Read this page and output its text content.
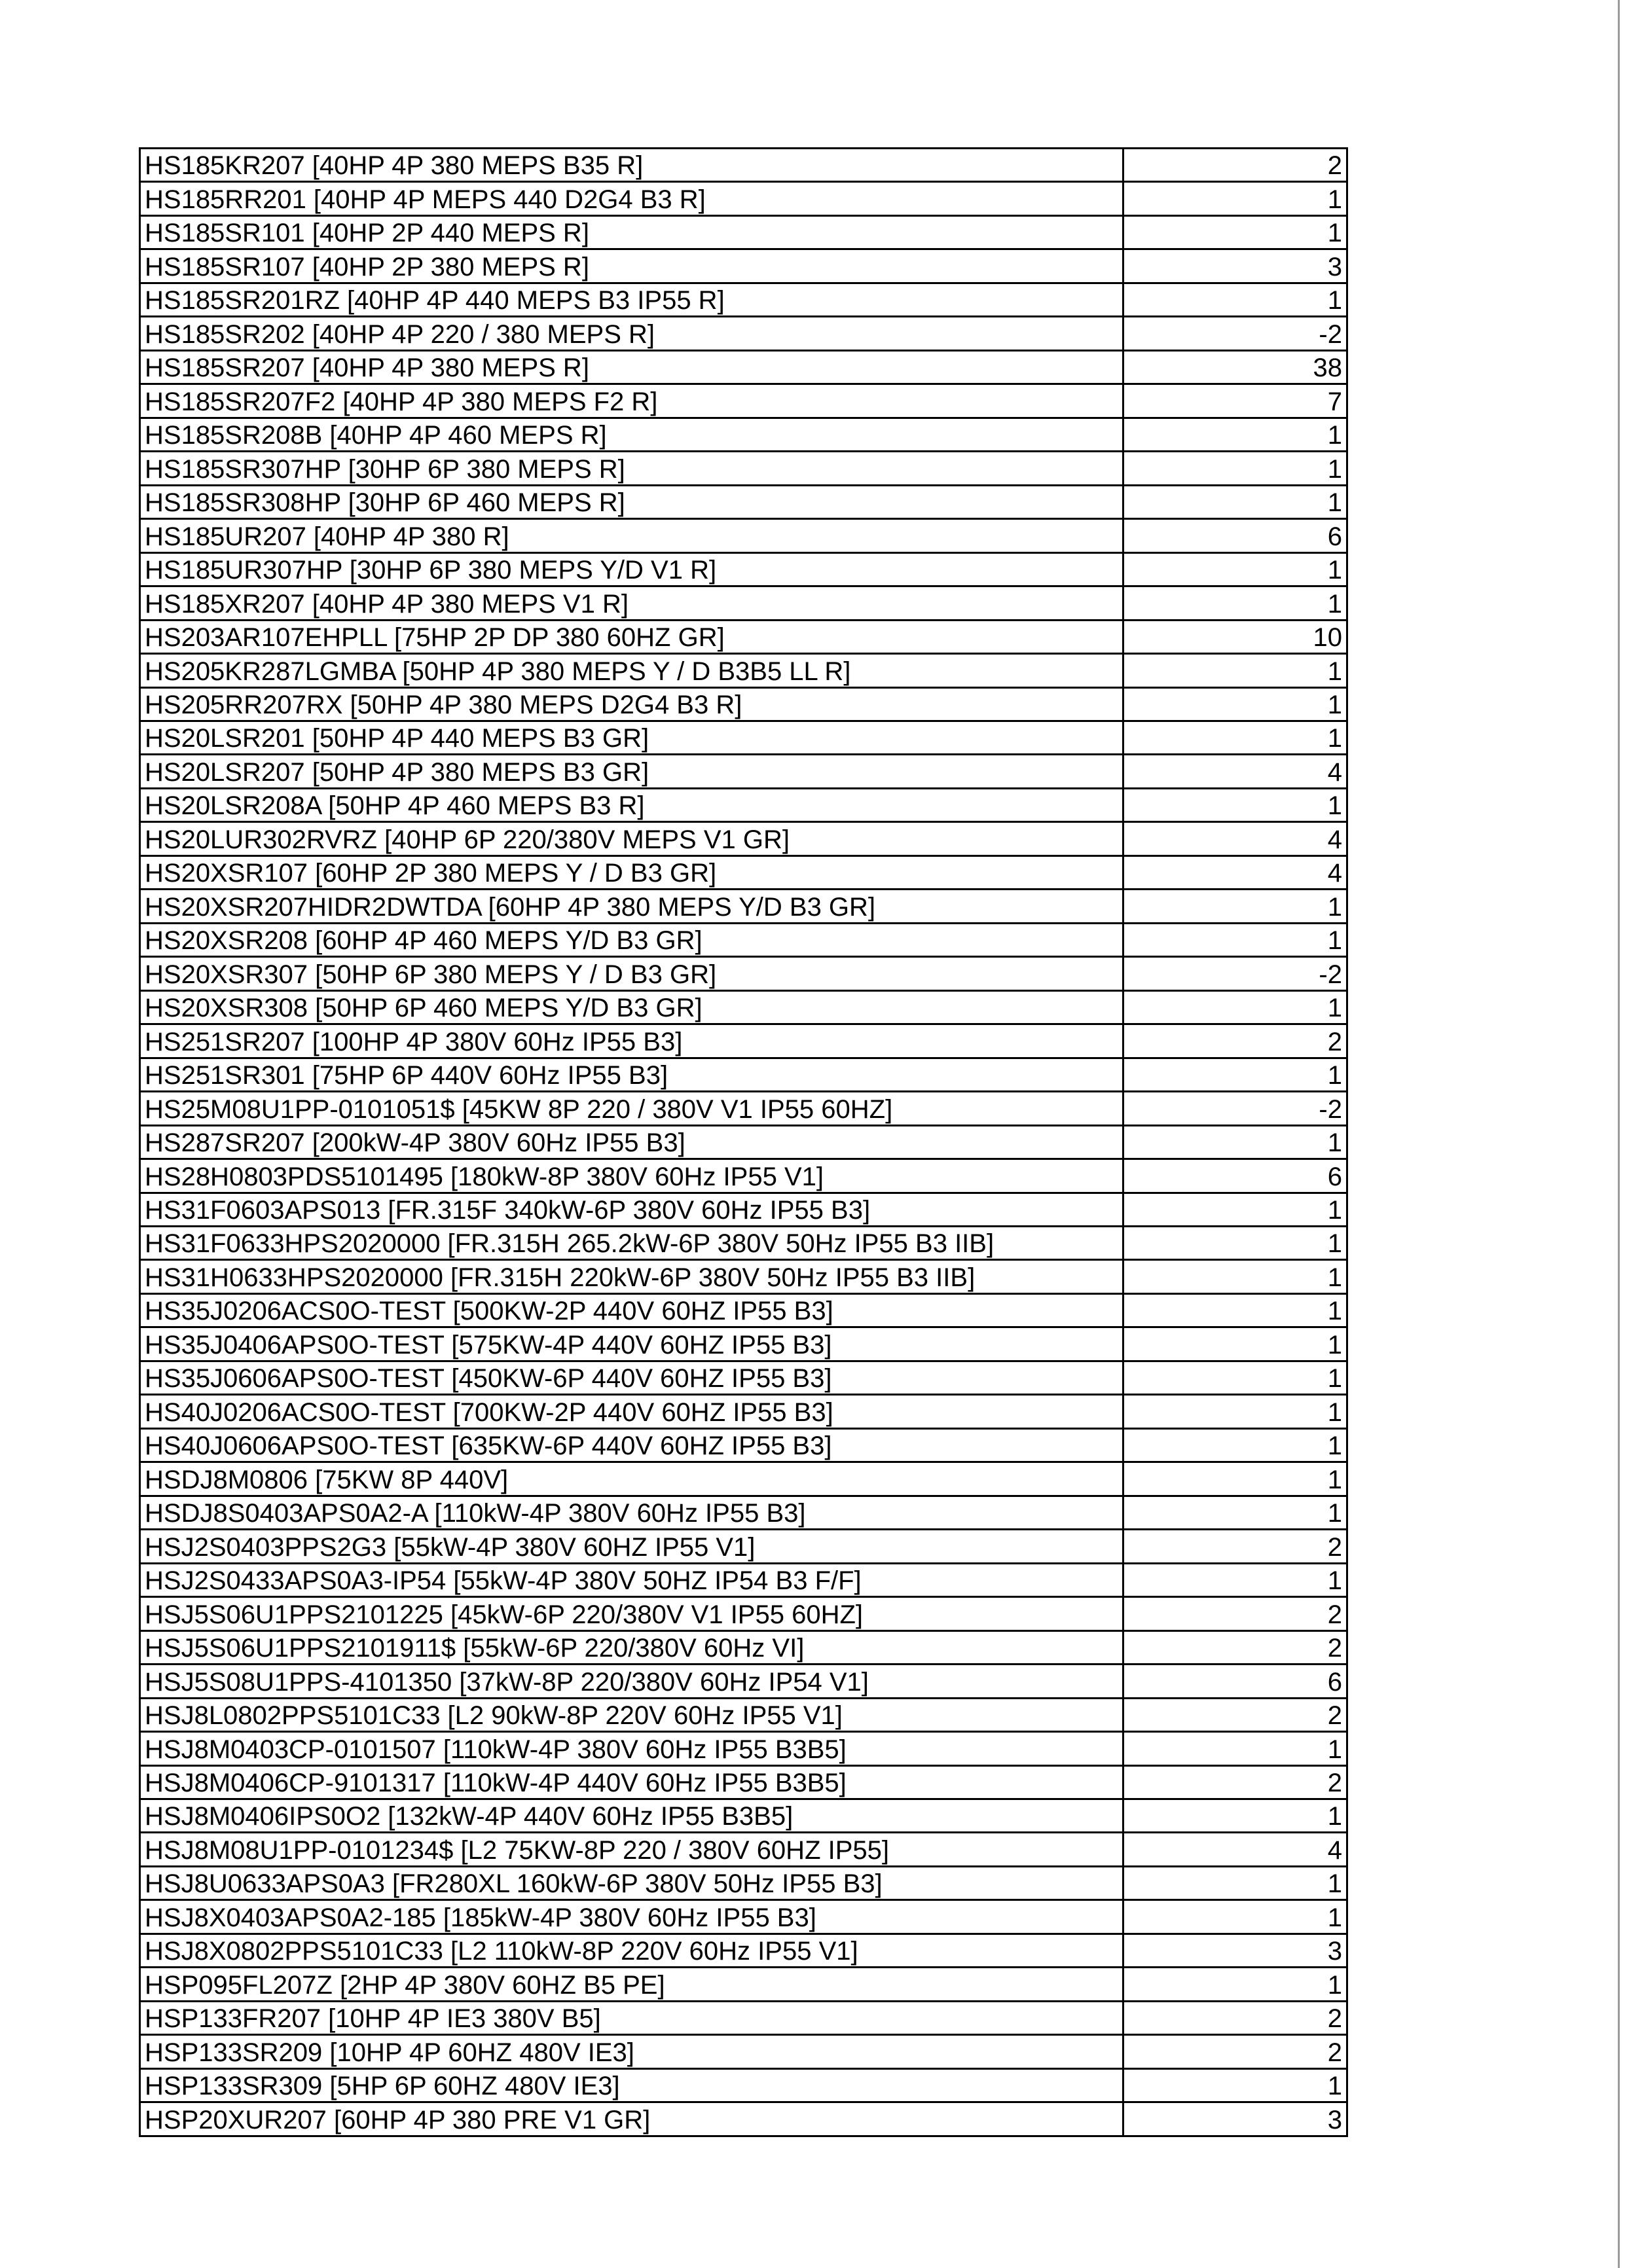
HS185KR207 [40HP 4P 380 MEPS B35 R]	2
HS185RR201 [40HP 4P MEPS 440 D2G4 B3 R]	1
HS185SR101 [40HP 2P 440 MEPS R]	1
HS185SR107 [40HP 2P 380 MEPS R]	3
HS185SR201RZ [40HP 4P 440 MEPS B3 IP55 R]	1
HS185SR202 [40HP 4P 220 / 380 MEPS R]	-2
HS185SR207 [40HP 4P 380 MEPS R]	38
HS185SR207F2 [40HP 4P 380 MEPS F2 R]	7
HS185SR208B [40HP 4P 460 MEPS R]	1
HS185SR307HP [30HP 6P 380 MEPS R]	1
HS185SR308HP [30HP 6P 460 MEPS R]	1
HS185UR207 [40HP 4P 380 R]	6
HS185UR307HP [30HP 6P 380 MEPS Y/D V1 R]	1
HS185XR207 [40HP 4P 380 MEPS V1 R]	1
HS203AR107EHPLL [75HP 2P DP 380 60HZ GR]	10
HS205KR287LGMBA [50HP 4P 380 MEPS Y / D B3B5 LL R]	1
HS205RR207RX [50HP 4P 380 MEPS D2G4 B3 R]	1
HS20LSR201 [50HP 4P 440 MEPS B3 GR]	1
HS20LSR207 [50HP 4P 380 MEPS B3 GR]	4
HS20LSR208A [50HP 4P 460 MEPS B3 R]	1
HS20LUR302RVRZ [40HP 6P 220/380V MEPS V1 GR]	4
HS20XSR107 [60HP 2P 380 MEPS Y / D B3 GR]	4
HS20XSR207HIDR2DWTDA [60HP 4P 380 MEPS Y/D B3 GR]	1
HS20XSR208 [60HP 4P 460 MEPS Y/D B3 GR]	1
HS20XSR307 [50HP 6P 380 MEPS Y / D B3 GR]	-2
HS20XSR308 [50HP 6P 460 MEPS Y/D B3 GR]	1
HS251SR207 [100HP 4P 380V 60Hz IP55 B3]	2
HS251SR301 [75HP 6P 440V 60Hz IP55 B3]	1
HS25M08U1PP-0101051$ [45KW 8P 220 / 380V V1 IP55 60HZ]	-2
HS287SR207 [200kW-4P 380V 60Hz IP55 B3]	1
HS28H0803PDS5101495 [180kW-8P 380V 60Hz IP55 V1]	6
HS31F0603APS013 [FR.315F 340kW-6P 380V 60Hz IP55 B3]	1
HS31F0633HPS2020000 [FR.315H 265.2kW-6P 380V 50Hz IP55 B3 IIB]	1
HS31H0633HPS2020000 [FR.315H 220kW-6P 380V 50Hz IP55 B3 IIB]	1
HS35J0206ACS0O-TEST [500KW-2P 440V 60HZ IP55 B3]	1
HS35J0406APS0O-TEST [575KW-4P 440V 60HZ IP55 B3]	1
HS35J0606APS0O-TEST [450KW-6P 440V 60HZ IP55 B3]	1
HS40J0206ACS0O-TEST [700KW-2P 440V 60HZ IP55 B3]	1
HS40J0606APS0O-TEST [635KW-6P 440V 60HZ IP55 B3]	1
HSDJ8M0806 [75KW 8P 440V]	1
HSDJ8S0403APS0A2-A [110kW-4P 380V 60Hz IP55 B3]	1
HSJ2S0403PPS2G3 [55kW-4P 380V 60HZ IP55 V1]	2
HSJ2S0433APS0A3-IP54 [55kW-4P 380V 50HZ IP54 B3 F/F]	1
HSJ5S06U1PPS2101225 [45kW-6P 220/380V V1 IP55 60HZ]	2
HSJ5S06U1PPS2101911$ [55kW-6P 220/380V 60Hz VI]	2
HSJ5S08U1PPS-4101350 [37kW-8P 220/380V 60Hz IP54 V1]	6
HSJ8L0802PPS5101C33 [L2 90kW-8P 220V 60Hz IP55 V1]	2
HSJ8M0403CP-0101507 [110kW-4P 380V 60Hz IP55 B3B5]	1
HSJ8M0406CP-9101317 [110kW-4P 440V 60Hz IP55 B3B5]	2
HSJ8M0406IPS0O2 [132kW-4P 440V 60Hz IP55 B3B5]	1
HSJ8M08U1PP-0101234$ [L2 75KW-8P 220 / 380V 60HZ IP55]	4
HSJ8U0633APS0A3 [FR280XL 160kW-6P 380V 50Hz IP55 B3]	1
HSJ8X0403APS0A2-185 [185kW-4P 380V 60Hz IP55 B3]	1
HSJ8X0802PPS5101C33 [L2 110kW-8P 220V 60Hz IP55 V1]	3
HSP095FL207Z [2HP 4P 380V 60HZ B5 PE]	1
HSP133FR207 [10HP 4P IE3 380V B5]	2
HSP133SR209 [10HP 4P 60HZ 480V IE3]	2
HSP133SR309 [5HP 6P 60HZ 480V IE3]	1
HSP20XUR207 [60HP 4P 380 PRE V1 GR]	3
